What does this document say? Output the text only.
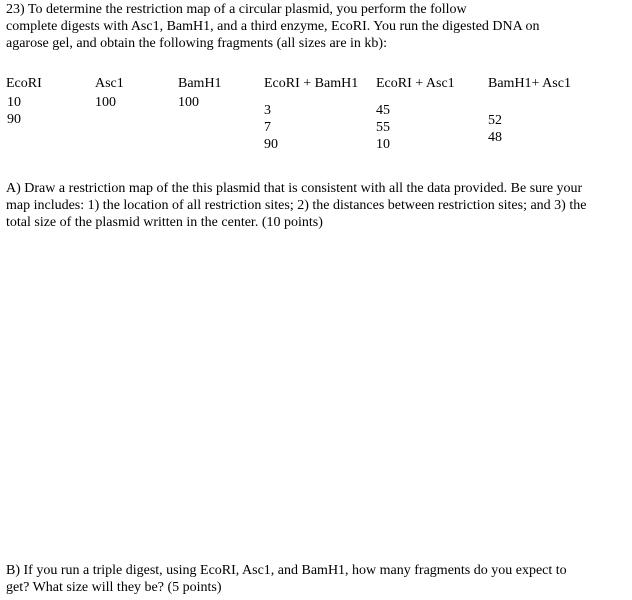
23) To determine the restriction map of a circular plasmid, you perform the follow
complete digests with Asc1, BamH1, and a third enzyme, EcoRI. You run the digested DNA on
agarose gel, and obtain the following fragments (all sizes are in kb):
EcoRI
10
90
Asc1
100
BamH1
100
EcoRI + BamH1
3
7
90
EcoRI + Asc1
45
55
10
BamH1+ Asc1
52
48
A) Draw a restriction map of the this plasmid that is consistent with all the data provided. Be sure your
map includes: 1) the location of all restriction sites; 2) the distances between restriction sites; and 3) the
total size of the plasmid written in the center. (10 points)
B) If you run a triple digest, using EcoRI, Asc1, and BamH1, how many fragments do you expect to
get? What size will they be? (5 points)
